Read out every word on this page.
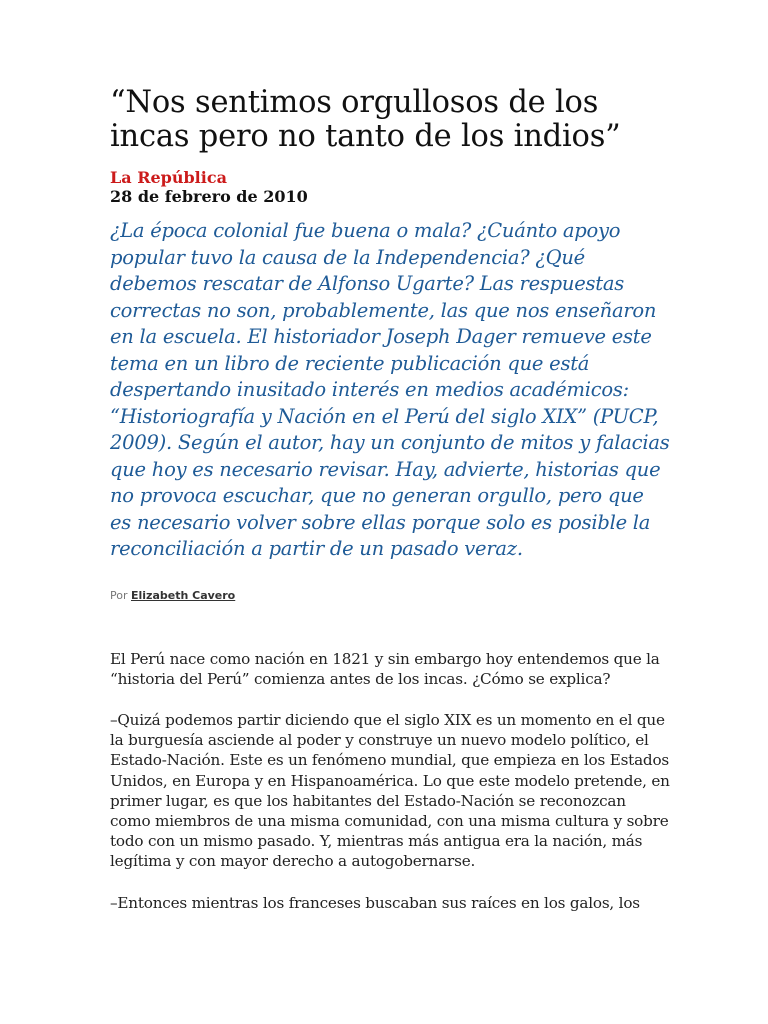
“Nos sentimos orgullosos de los incas pero no tanto de los indios”
La República
28 de febrero de 2010
¿La época colonial fue buena o mala? ¿Cuánto apoyo popular tuvo la causa de la Independencia? ¿Qué debemos rescatar de Alfonso Ugarte? Las respuestas correctas no son, probablemente, las que nos enseñaron en la escuela. El historiador Joseph Dager remueve este tema en un libro de reciente publicación que está despertando inusitado interés en medios académicos: “Historiografía y Nación en el Perú del siglo XIX” (PUCP, 2009). Según el autor, hay un conjunto de mitos y falacias que hoy es necesario revisar. Hay, advierte, historias que no provoca escuchar, que no generan orgullo, pero que es necesario volver sobre ellas porque solo es posible la reconciliación a partir de un pasado veraz.
Por Elizabeth Cavero

El Perú nace como nación en 1821 y sin embargo hoy entendemos que la “historia del Perú” comienza antes de los incas. ¿Cómo se explica?

–Quizá podemos partir diciendo que el siglo XIX es un momento en el que la burguesía asciende al poder y construye un nuevo modelo político, el Estado-Nación. Este es un fenómeno mundial, que empieza en los Estados Unidos, en Europa y en Hispanoamérica. Lo que este modelo pretende, en primer lugar, es que los habitantes del Estado-Nación se reconozcan como miembros de una misma comunidad, con una misma cultura y sobre todo con un mismo pasado. Y, mientras más antigua era la nación, más legítima y con mayor derecho a autogobernarse.

–Entonces mientras los franceses buscaban sus raíces en los galos, los
